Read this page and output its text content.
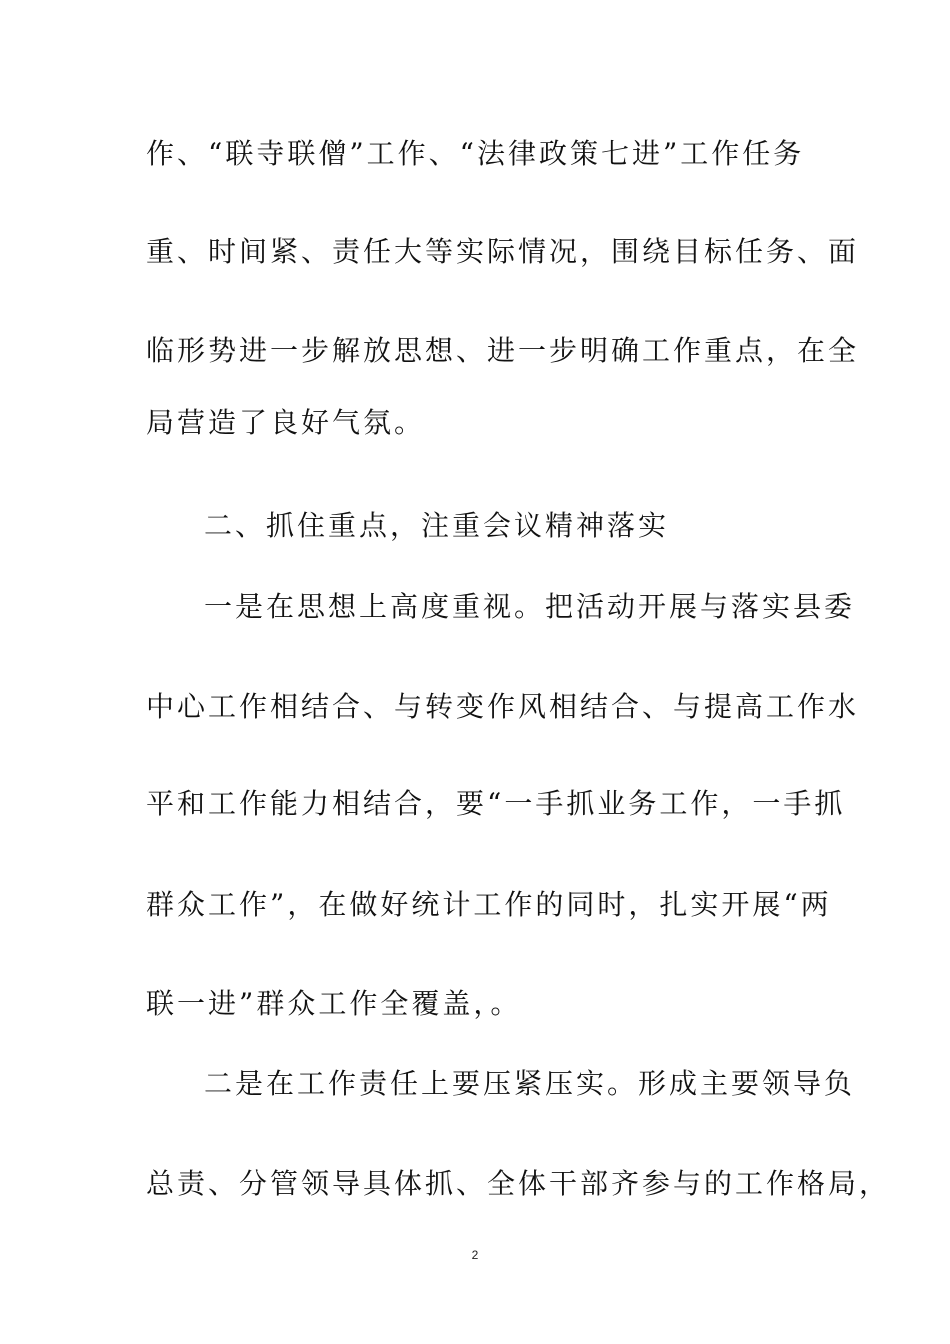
作、“联寺联僧”工作、“法律政策七进”工作任务
重、时间紧、责任大等实际情况，围绕目标任务、面
临形势进一步解放思想、进一步明确工作重点，在全
局营造了良好气氛。
二、抓住重点，注重会议精神落实
一是在思想上高度重视。把活动开展与落实县委
中心工作相结合、与转变作风相结合、与提高工作水
平和工作能力相结合，要“一手抓业务工作，一手抓
群众工作”，在做好统计工作的同时，扎实开展“两
联一进”群众工作全覆盖，。
二是在工作责任上要压紧压实。形成主要领导负
总责、分管领导具体抓、全体干部齐参与的工作格局，
2
